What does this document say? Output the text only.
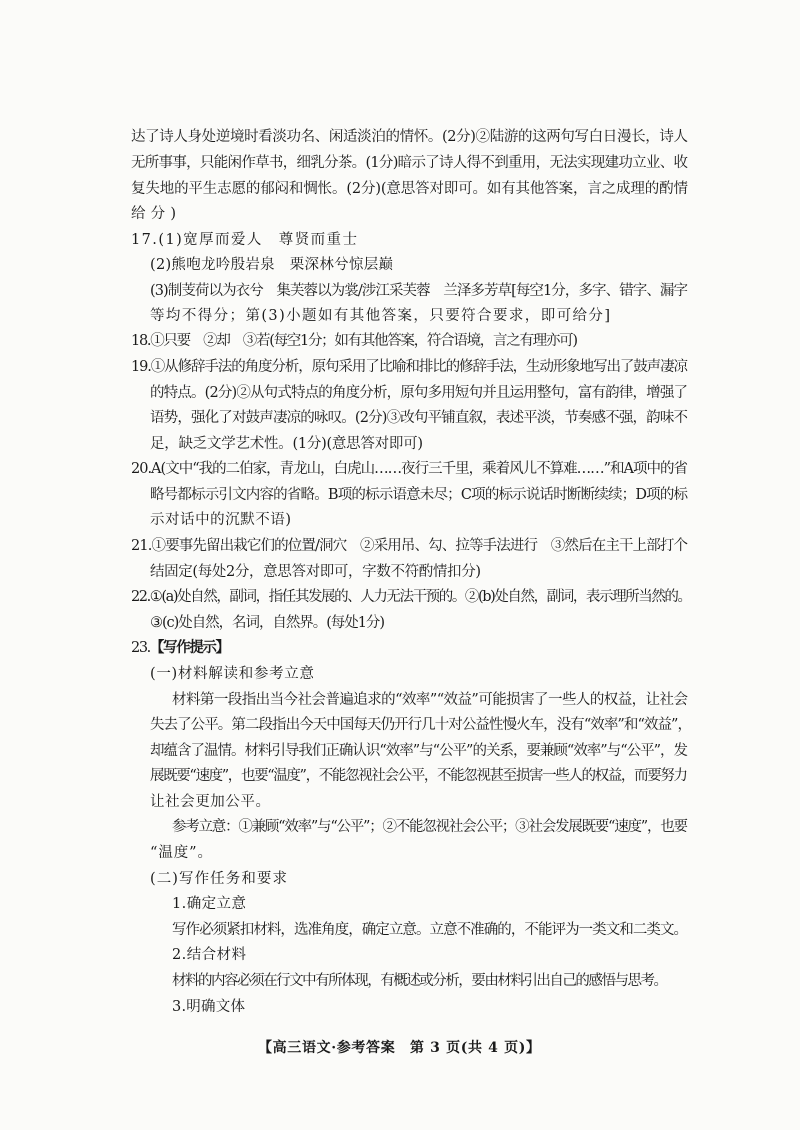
达了诗人身处逆境时看淡功名、闲适淡泊的情怀。(2分)②陆游的这两句写白日漫长，诗人
无所事事，只能闲作草书，细乳分茶。(1分)暗示了诗人得不到重用，无法实现建功立业、收
复失地的平生志愿的郁闷和惆怅。(2分)(意思答对即可。如有其他答案，言之成理的酌情
给分)
17.(1)宽厚而爱人　尊贤而重士
(2)熊咆龙吟殷岩泉　栗深林兮惊层巅
(3)制芰荷以为衣兮　集芙蓉以为裳/涉江采芙蓉　兰泽多芳草[每空1分，多字、错字、漏字
等均不得分；第(3)小题如有其他答案，只要符合要求，即可给分]
18.①只要　②却　③若(每空1分；如有其他答案，符合语境，言之有理亦可)
19.①从修辞手法的角度分析，原句采用了比喻和排比的修辞手法，生动形象地写出了鼓声凄凉
的特点。(2分)②从句式特点的角度分析，原句多用短句并且运用整句，富有韵律，增强了
语势，强化了对鼓声凄凉的咏叹。(2分)③改句平铺直叙，表述平淡，节奏感不强，韵味不
足，缺乏文学艺术性。(1分)(意思答对即可)
20.A(文中“我的二伯家，青龙山，白虎山……夜行三千里，乘着风儿不算难……”和A项中的省
略号都标示引文内容的省略。B项的标示语意未尽；C项的标示说话时断断续续；D项的标
示对话中的沉默不语)
21.①要事先留出栽它们的位置/洞穴　②采用吊、勾、拉等手法进行　③然后在主干上部打个
结固定(每处2分，意思答对即可，字数不符酌情扣分)
22.①(a)处自然，副词，指任其发展的、人力无法干预的。②(b)处自然，副词，表示理所当然的。
③(c)处自然，名词，自然界。(每处1分)
23.【写作提示】
(一)材料解读和参考立意
材料第一段指出当今社会普遍追求的“效率”“效益”可能损害了一些人的权益，让社会
失去了公平。第二段指出今天中国每天仍开行几十对公益性慢火车，没有“效率”和“效益”，
却蕴含了温情。材料引导我们正确认识“效率”与“公平”的关系，要兼顾“效率”与“公平”，发
展既要“速度”，也要“温度”，不能忽视社会公平，不能忽视甚至损害一些人的权益，而要努力
让社会更加公平。
参考立意：①兼顾“效率”与“公平”；②不能忽视社会公平；③社会发展既要“速度”，也要
“温度”。
(二)写作任务和要求
1.确定立意
写作必须紧扣材料，选准角度，确定立意。立意不准确的，不能评为一类文和二类文。
2.结合材料
材料的内容必须在行文中有所体现，有概述或分析，要由材料引出自己的感悟与思考。
3.明确文体
【高三语文·参考答案　第 3 页(共 4 页)】
